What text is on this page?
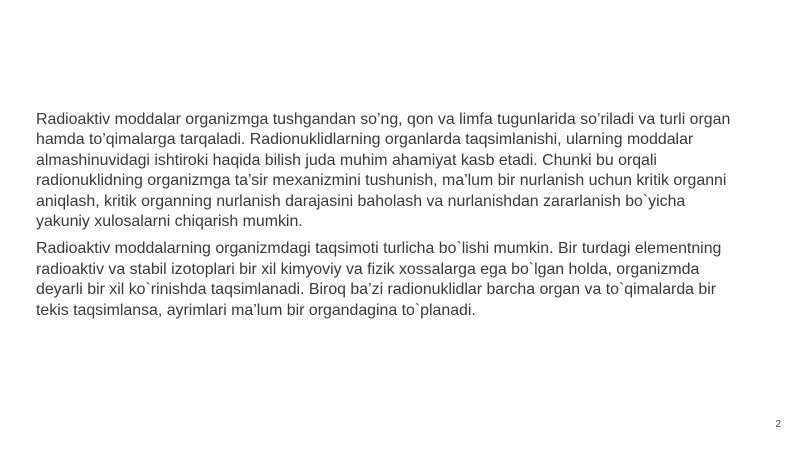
Radioaktiv moddalar organizmga tushgandan so’ng, qon va limfa tugunlarida so’riladi va turli organ
hamda to’qimalarga tarqaladi. Radionuklidlarning organlarda taqsimlanishi, ularning moddalar
almashinuvidagi ishtiroki haqida bilish juda muhim ahamiyat kasb etadi. Chunki bu orqali
radionuklidning organizmga ta’sir mexanizmini tushunish, ma’lum bir nurlanish uchun kritik organni
aniqlash, kritik organning nurlanish darajasini baholash va nurlanishdan zararlanish bo`yicha
yakuniy xulosalarni chiqarish mumkin.

Radioaktiv moddalarning organizmdagi taqsimoti turlicha bo`lishi mumkin. Bir turdagi elementning
radioaktiv va stabil izotoplari bir xil kimyoviy va fizik xossalarga ega bo`lgan holda, organizmda
deyarli bir xil ko`rinishda taqsimlanadi. Biroq ba’zi radionuklidlar barcha organ va to`qimalarda bir
tekis taqsimlansa, ayrimlari ma’lum bir organdagina to`planadi.

2
